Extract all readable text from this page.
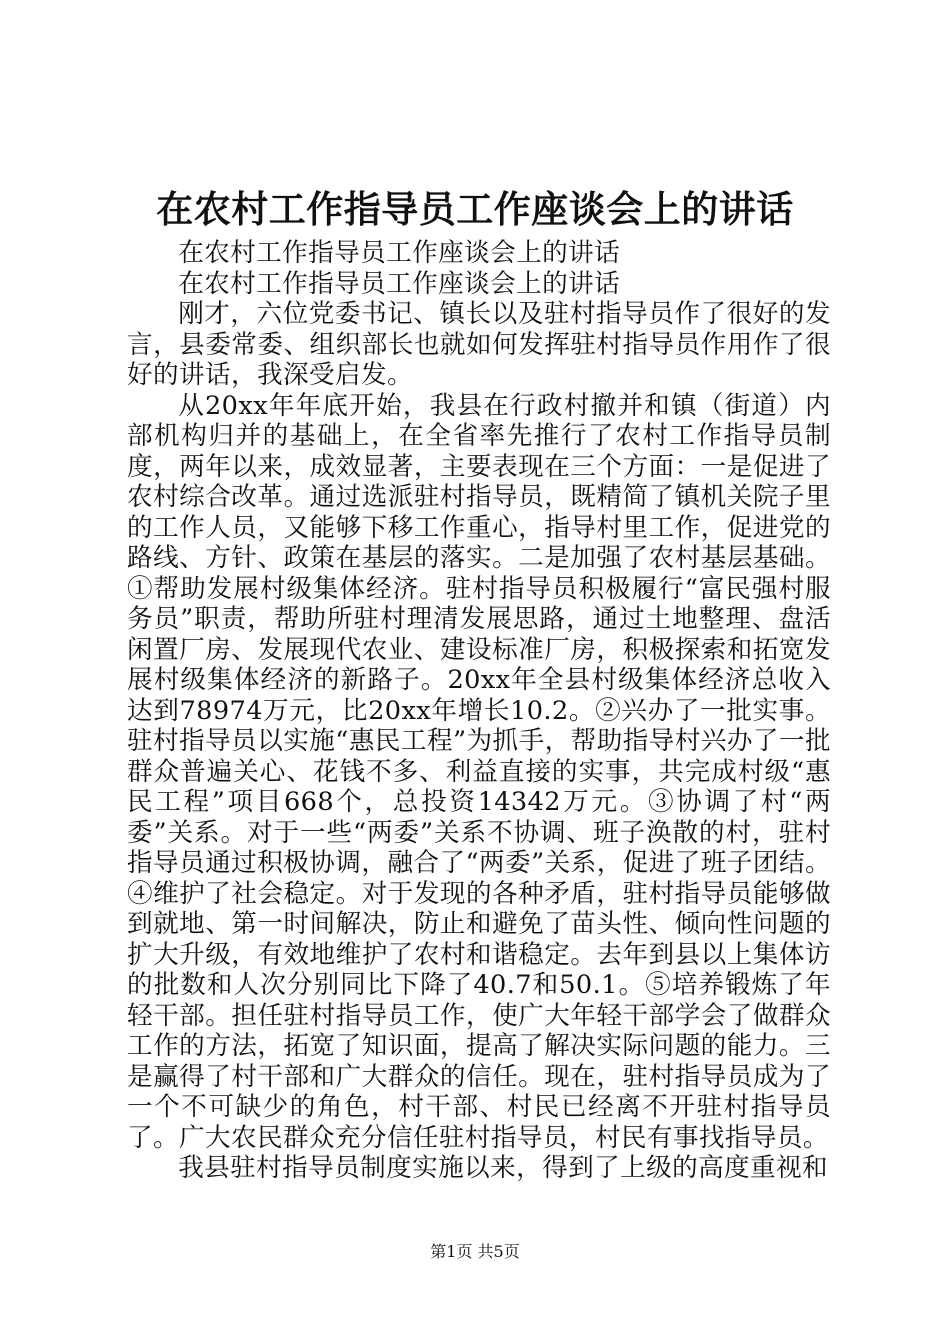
在农村工作指导员工作座谈会上的讲话

在农村工作指导员工作座谈会上的讲话

在农村工作指导员工作座谈会上的讲话

刚才，六位党委书记、镇长以及驻村指导员作了很好的发言，县委常委、组织部长也就如何发挥驻村指导员作用作了很好的讲话，我深受启发。

从20xx年年底开始，我县在行政村撤并和镇（街道）内部机构归并的基础上，在全省率先推行了农村工作指导员制度，两年以来，成效显著，主要表现在三个方面：一是促进了农村综合改革。通过选派驻村指导员，既精简了镇机关院子里的工作人员，又能够下移工作重心，指导村里工作，促进党的路线、方针、政策在基层的落实。二是加强了农村基层基础。①帮助发展村级集体经济。驻村指导员积极履行“富民强村服务员”职责，帮助所驻村理清发展思路，通过土地整理、盘活闲置厂房、发展现代农业、建设标准厂房，积极探索和拓宽发展村级集体经济的新路子。20xx年全县村级集体经济总收入达到78974万元，比20xx年增长10.2。②兴办了一批实事。驻村指导员以实施“惠民工程”为抓手，帮助指导村兴办了一批群众普遍关心、花钱不多、利益直接的实事，共完成村级“惠民工程”项目668个，总投资14342万元。③协调了村“两委”关系。对于一些“两委”关系不协调、班子涣散的村，驻村指导员通过积极协调，融合了“两委”关系，促进了班子团结。④维护了社会稳定。对于发现的各种矛盾，驻村指导员能够做到就地、第一时间解决，防止和避免了苗头性、倾向性问题的扩大升级，有效地维护了农村和谐稳定。去年到县以上集体访的批数和人次分别同比下降了40.7和50.1。⑤培养锻炼了年轻干部。担任驻村指导员工作，使广大年轻干部学会了做群众工作的方法，拓宽了知识面，提高了解决实际问题的能力。三是赢得了村干部和广大群众的信任。现在，驻村指导员成为了一个不可缺少的角色，村干部、村民已经离不开驻村指导员了。广大农民群众充分信任驻村指导员，村民有事找指导员。

我县驻村指导员制度实施以来，得到了上级的高度重视和

第1页 共5页
